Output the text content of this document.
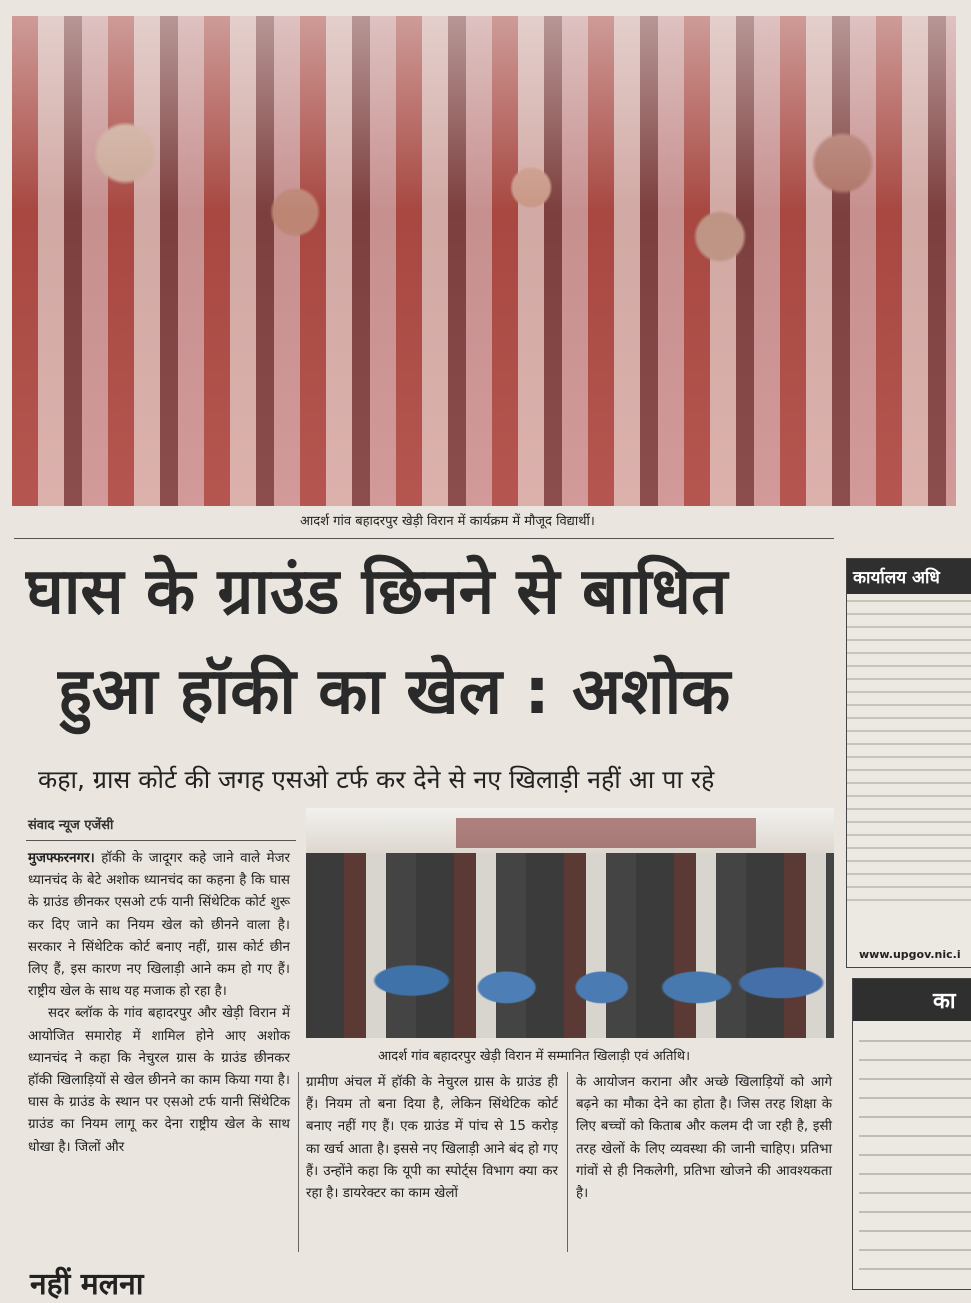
आदर्श गांव बहादरपुर खेड़ी विरान में कार्यक्रम में मौजूद विद्यार्थी।
घास के ग्राउंड छिनने से बाधित
हुआ हॉकी का खेल : अशोक
कहा, ग्रास कोर्ट की जगह एसओ टर्फ कर देने से नए खिलाड़ी नहीं आ पा रहे
संवाद न्यूज एजेंसी

मुजफ्फरनगर। हॉकी के जादूगर कहे जाने वाले मेजर ध्यानचंद के बेटे अशोक ध्यानचंद का कहना है कि घास के ग्राउंड छीनकर एसओ टर्फ यानी सिंथेटिक कोर्ट शुरू कर दिए जाने का नियम खेल को छीनने वाला है। सरकार ने सिंथेटिक कोर्ट बनाए नहीं, ग्रास कोर्ट छीन लिए हैं, इस कारण नए खिलाड़ी आने कम हो गए हैं। राष्ट्रीय खेल के साथ यह मजाक हो रहा है।

सदर ब्लॉक के गांव बहादरपुर और खेड़ी विरान में आयोजित समारोह में शामिल होने आए अशोक ध्यानचंद ने कहा कि नेचुरल ग्रास के ग्राउंड छीनकर हॉकी खिलाड़ियों से खेल छीनने का काम किया गया है। घास के ग्राउंड के स्थान पर एसओ टर्फ यानी सिंथेटिक ग्राउंड का नियम लागू कर देना राष्ट्रीय खेल के साथ धोखा है। जिलों और

आदर्श गांव बहादरपुर खेड़ी विरान में सम्मानित खिलाड़ी एवं अतिथि।

ग्रामीण अंचल में हॉकी के नेचुरल ग्रास के ग्राउंड ही हैं। नियम तो बना दिया है, लेकिन सिंथेटिक कोर्ट बनाए नहीं गए हैं। एक ग्राउंड में पांच से 15 करोड़ का खर्च आता है। इससे नए खिलाड़ी आने बंद हो गए हैं। उन्होंने कहा कि यूपी का स्पोर्ट्स विभाग क्या कर रहा है। डायरेक्टर का काम खेलों

के आयोजन कराना और अच्छे खिलाड़ियों को आगे बढ़ने का मौका देने का होता है। जिस तरह शिक्षा के लिए बच्चों को किताब और कलम दी जा रही है, इसी तरह खेलों के लिए व्यवस्था की जानी चाहिए। प्रतिभा गांवों से ही निकलेगी, प्रतिभा खोजने की आवश्यकता है।

कार्यालय अधि
www.upgov.nic.i
का
नहीं मलना
